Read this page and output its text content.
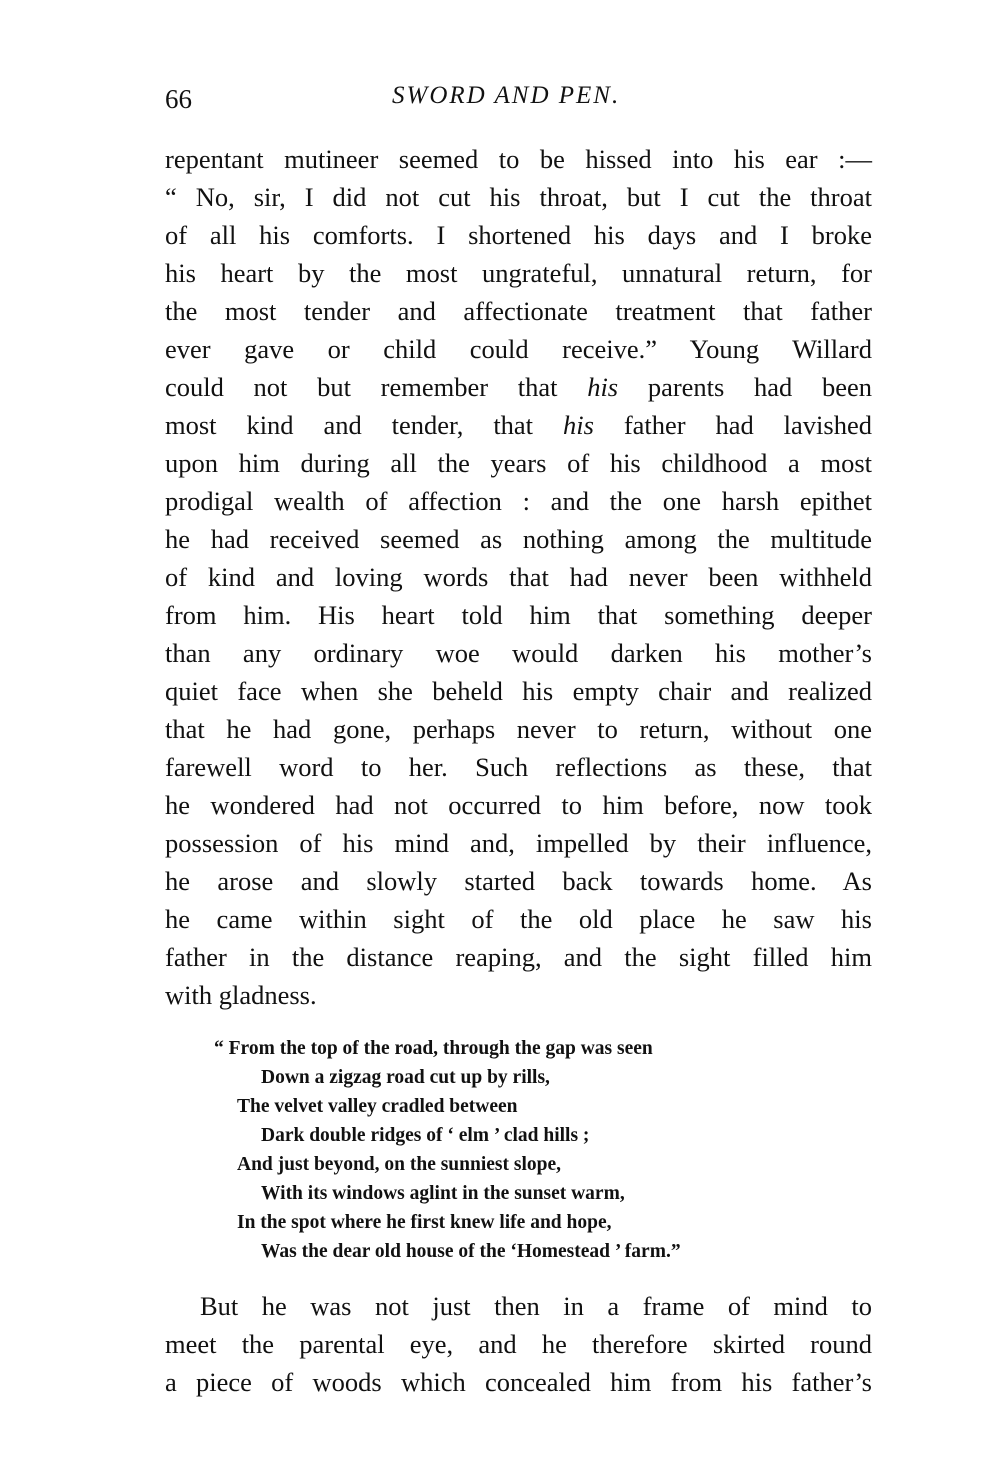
66	SWORD AND PEN.
repentant mutineer seemed to be hissed into his ear :—
“ No, sir, I did not cut his throat, but I cut the throat
of all his comforts. I shortened his days and I broke
his heart by the most ungrateful, unnatural return, for
the most tender and affectionate treatment that father
ever gave or child could receive.” Young Willard
could not but remember that his parents had been
most kind and tender, that his father had lavished
upon him during all the years of his childhood a most
prodigal wealth of affection : and the one harsh epithet
he had received seemed as nothing among the multitude
of kind and loving words that had never been withheld
from him. His heart told him that something deeper
than any ordinary woe would darken his mother’s
quiet face when she beheld his empty chair and realized
that he had gone, perhaps never to return, without one
farewell word to her. Such reflections as these, that
he wondered had not occurred to him before, now took
possession of his mind and, impelled by their influence,
he arose and slowly started back towards home. As
he came within sight of the old place he saw his
father in the distance reaping, and the sight filled him
with gladness.
“ From the top of the road, through the gap was seen
Down a zigzag road cut up by rills,
The velvet valley cradled between
Dark double ridges of ‘ elm ’ clad hills ;
And just beyond, on the sunniest slope,
With its windows aglint in the sunset warm,
In the spot where he first knew life and hope,
Was the dear old house of the ‘Homestead ’ farm.”
But he was not just then in a frame of mind to
meet the parental eye, and he therefore skirted round
a piece of woods which concealed him from his father’s
